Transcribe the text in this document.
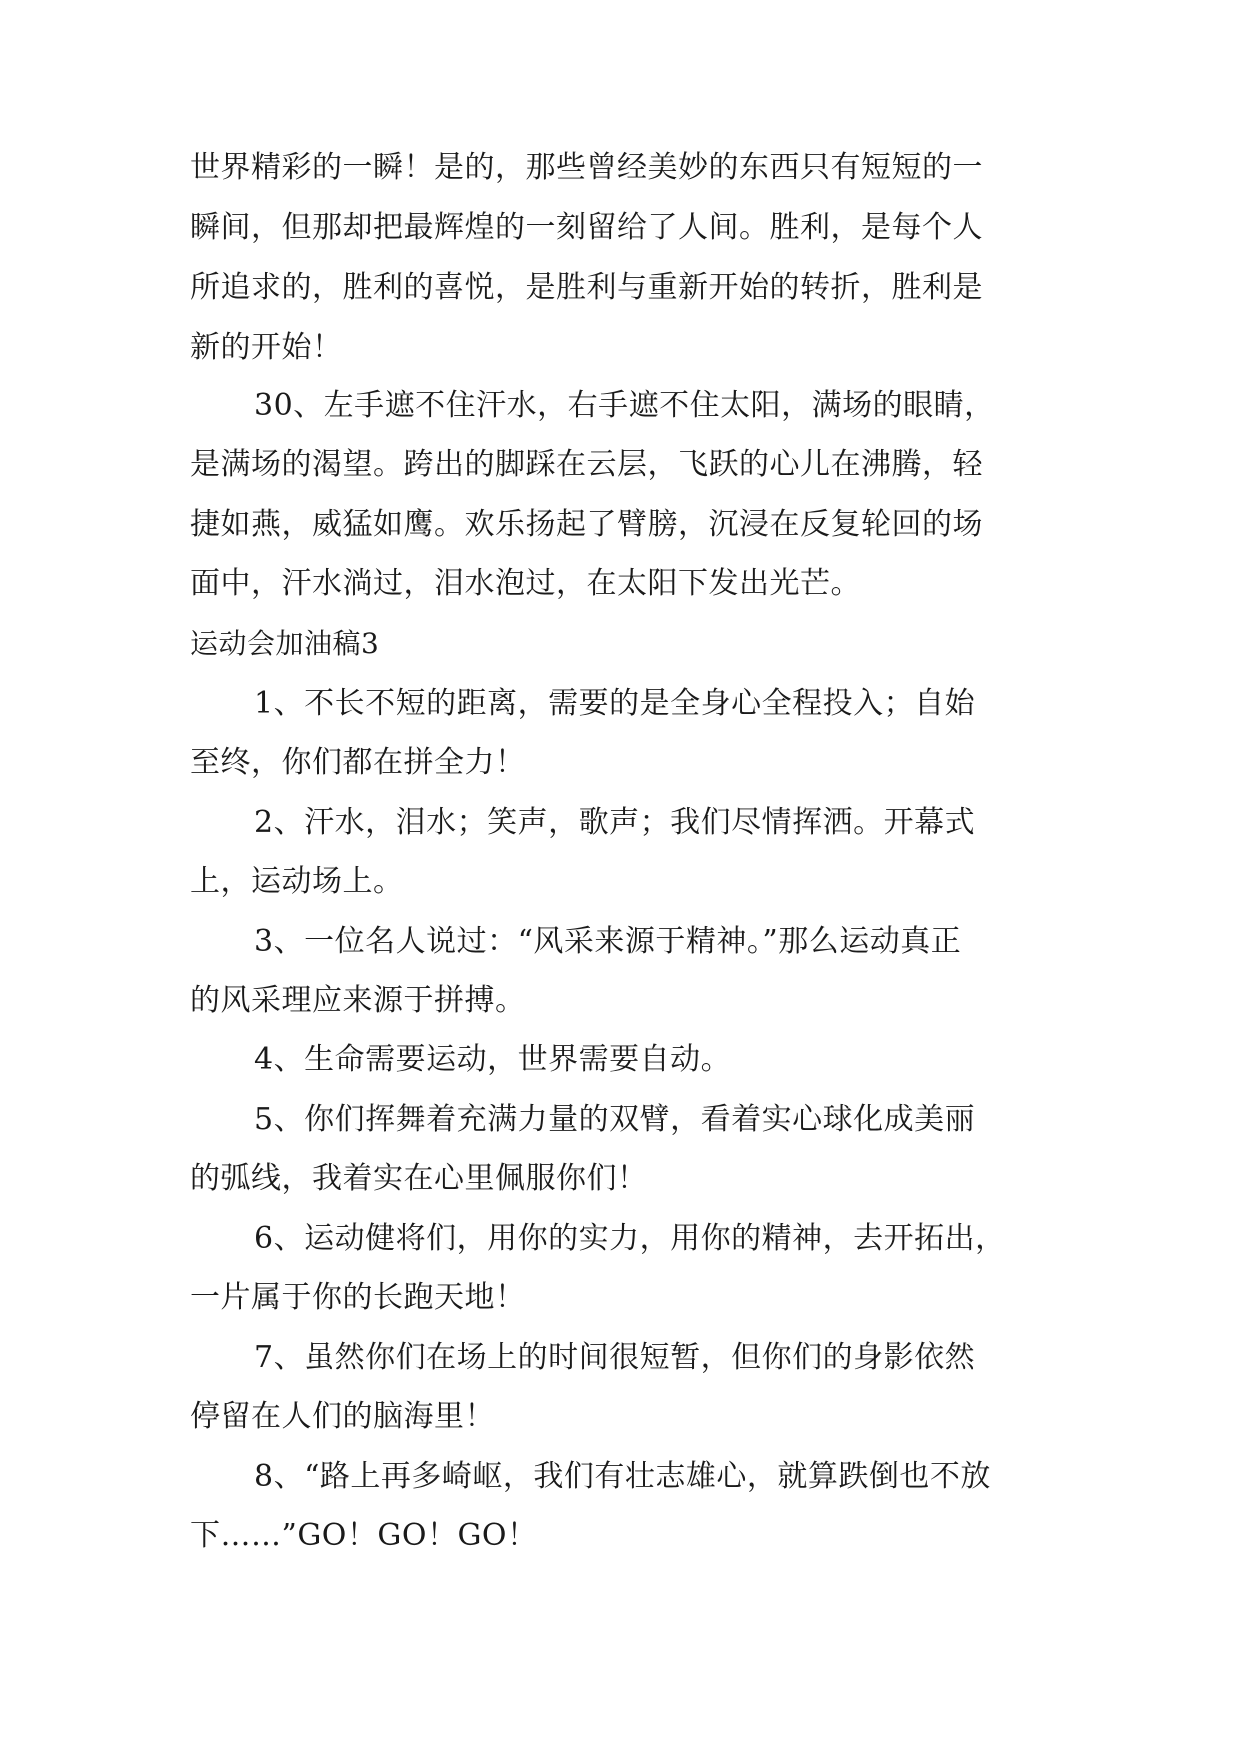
世界精彩的一瞬！是的，那些曾经美妙的东西只有短短的一
瞬间，但那却把最辉煌的一刻留给了人间。胜利，是每个人
所追求的，胜利的喜悦，是胜利与重新开始的转折，胜利是
新的开始！
30、左手遮不住汗水，右手遮不住太阳，满场的眼睛，
是满场的渴望。跨出的脚踩在云层，飞跃的心儿在沸腾，轻
捷如燕，威猛如鹰。欢乐扬起了臂膀，沉浸在反复轮回的场
面中，汗水淌过，泪水泡过，在太阳下发出光芒。
运动会加油稿3
1、不长不短的距离，需要的是全身心全程投入；自始
至终，你们都在拼全力！
2、汗水，泪水；笑声，歌声；我们尽情挥洒。开幕式
上，运动场上。
3、一位名人说过：“风采来源于精神。”那么运动真正
的风采理应来源于拼搏。
4、生命需要运动，世界需要自动。
5、你们挥舞着充满力量的双臂，看着实心球化成美丽
的弧线，我着实在心里佩服你们！
6、运动健将们，用你的实力，用你的精神，去开拓出，
一片属于你的长跑天地！
7、虽然你们在场上的时间很短暂，但你们的身影依然
停留在人们的脑海里！
8、“路上再多崎岖，我们有壮志雄心，就算跌倒也不放
下……”GO！GO！GO！
